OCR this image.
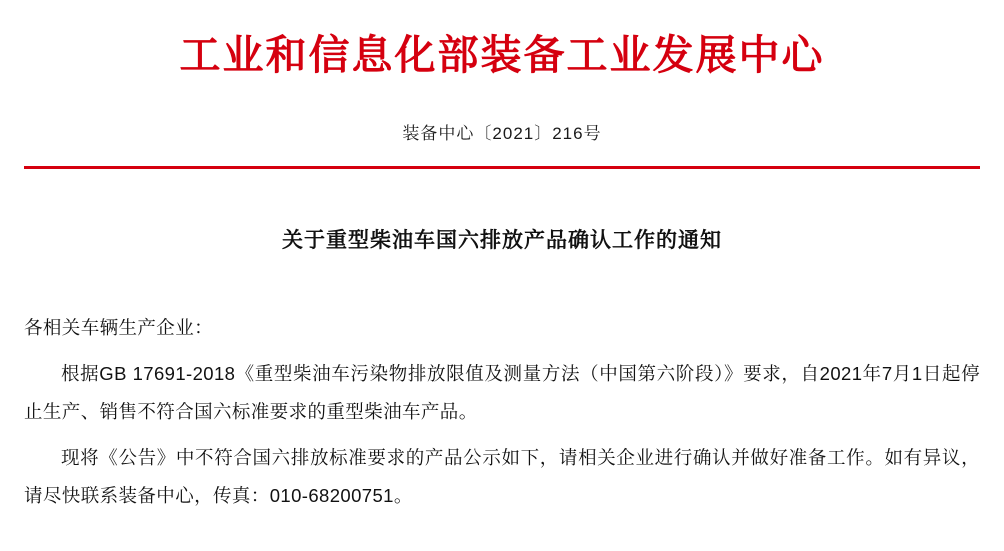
工业和信息化部装备工业发展中心
装备中心〔2021〕216号
关于重型柴油车国六排放产品确认工作的通知

各相关车辆生产企业：

根据GB 17691-2018《重型柴油车污染物排放限值及测量方法（中国第六阶段）》要求，自2021年7月1日起停止生产、销售不符合国六标准要求的重型柴油车产品。

现将《公告》中不符合国六排放标准要求的产品公示如下，请相关企业进行确认并做好准备工作。如有异议，请尽快联系装备中心，传真：010-68200751。
